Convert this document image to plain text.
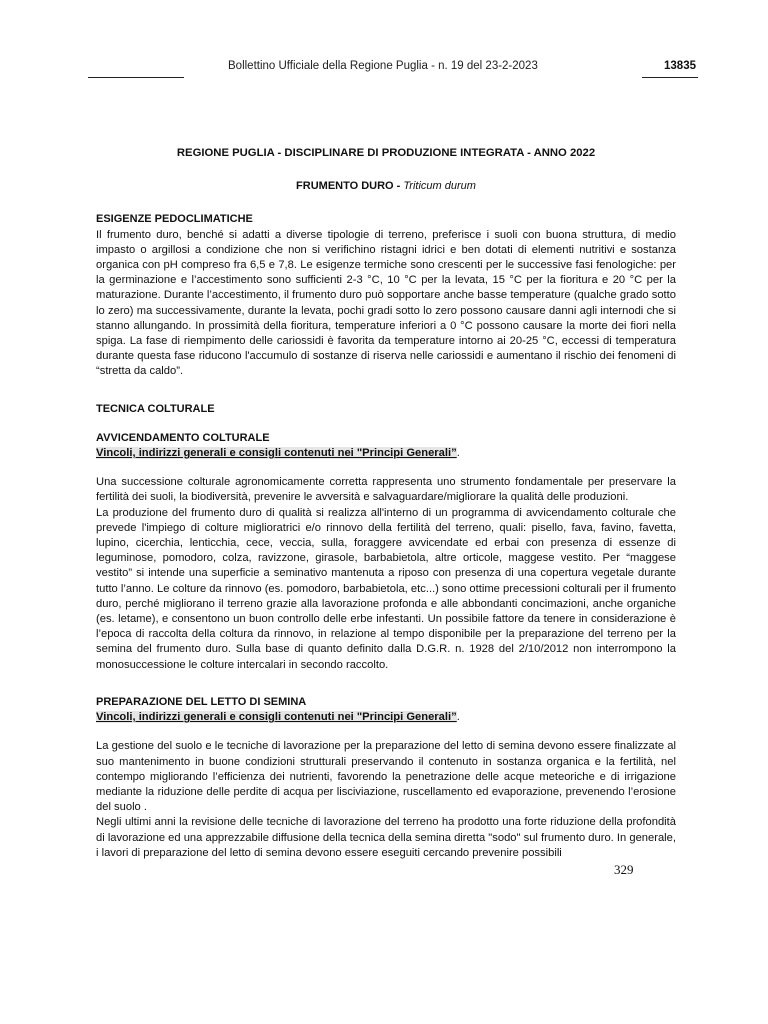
Bollettino Ufficiale della Regione Puglia - n. 19 del 23-2-2023	13835
REGIONE PUGLIA - DISCIPLINARE DI PRODUZIONE INTEGRATA - ANNO 2022
FRUMENTO DURO - Triticum durum
ESIGENZE PEDOCLIMATICHE

Il frumento duro, benché si adatti a diverse tipologie di terreno, preferisce i suoli con buona struttura, di medio impasto o argillosi a condizione che non si verifichino ristagni idrici e ben dotati di elementi nutritivi e sostanza organica con pH compreso fra 6,5 e 7,8. Le esigenze termiche sono crescenti per le successive fasi fenologiche: per la germinazione e l’accestimento sono sufficienti 2-3 °C, 10 °C per la levata, 15 °C per la fioritura e 20 °C per la maturazione. Durante l’accestimento, il frumento duro può sopportare anche basse temperature (qualche grado sotto lo zero) ma successivamente, durante la levata, pochi gradi sotto lo zero possono causare danni agli internodi che si stanno allungando. In prossimità della fioritura, temperature inferiori a 0 °C possono causare la morte dei fiori nella spiga. La fase di riempimento delle cariossidi è favorita da temperature intorno ai 20-25 °C, eccessi di temperatura durante questa fase riducono l'accumulo di sostanze di riserva nelle cariossidi e aumentano il rischio dei fenomeni di “stretta da caldo”.

TECNICA COLTURALE
AVVICENDAMENTO COLTURALE
Vincoli, indirizzi generali e consigli contenuti nei "Principi Generali”.

Una successione colturale agronomicamente corretta rappresenta uno strumento fondamentale per preservare la fertilità dei suoli, la biodiversità, prevenire le avversità e salvaguardare/migliorare la qualità delle produzioni.

La produzione del frumento duro di qualità si realizza all'interno di un programma di avvicendamento colturale che prevede l'impiego di colture miglioratrici e/o rinnovo della fertilità del terreno, quali: pisello, fava, favino, favetta, lupino, cicerchia, lenticchia, cece, veccia, sulla, foraggere avvicendate ed erbai con presenza di essenze di leguminose, pomodoro, colza, ravizzone, girasole, barbabietola, altre orticole, maggese vestito. Per “maggese vestito” si intende una superficie a seminativo mantenuta a riposo con presenza di una copertura vegetale durante tutto l’anno. Le colture da rinnovo (es. pomodoro, barbabietola, etc...) sono ottime precessioni colturali per il frumento duro, perché migliorano il terreno grazie alla lavorazione profonda e alle abbondanti concimazioni, anche organiche (es. letame), e consentono un buon controllo delle erbe infestanti. Un possibile fattore da tenere in considerazione è l’epoca di raccolta della coltura da rinnovo, in relazione al tempo disponibile per la preparazione del terreno per la semina del frumento duro. Sulla base di quanto definito dalla D.G.R. n. 1928 del 2/10/2012 non interrompono la monosuccessione le colture intercalari in secondo raccolto.

PREPARAZIONE DEL LETTO DI SEMINA
Vincoli, indirizzi generali e consigli contenuti nei "Principi Generali”.

La gestione del suolo e le tecniche di lavorazione per la preparazione del letto di semina devono essere finalizzate al suo mantenimento in buone condizioni strutturali preservando il contenuto in sostanza organica e la fertilità, nel contempo migliorando l’efficienza dei nutrienti, favorendo la penetrazione delle acque meteoriche e di irrigazione mediante la riduzione delle perdite di acqua per lisciviazione, ruscellamento ed evaporazione, prevenendo l’erosione del suolo .

Negli ultimi anni la revisione delle tecniche di lavorazione del terreno ha prodotto una forte riduzione della profondità di lavorazione ed una apprezzabile diffusione della tecnica della semina diretta "sodo" sul frumento duro. In generale, i lavori di preparazione del letto di semina devono essere eseguiti cercando prevenire possibili

329
